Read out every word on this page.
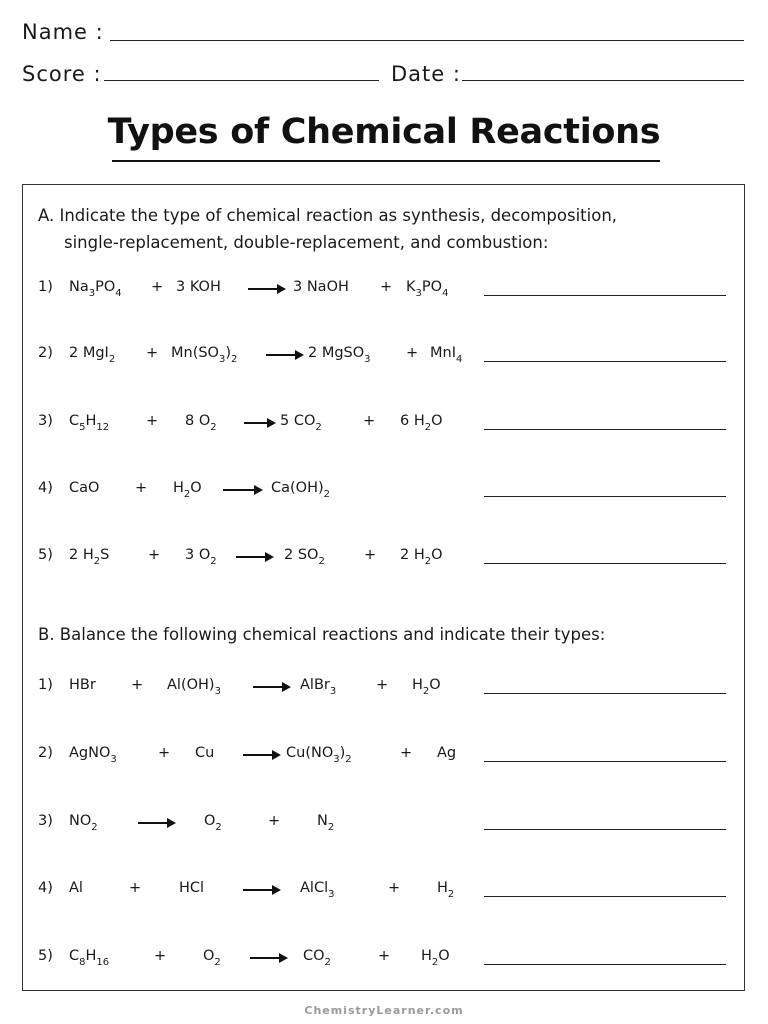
Name :
Score :	Date :
Types of Chemical Reactions
A. Indicate the type of chemical reaction as synthesis, decomposition,
single-replacement, double-replacement, and combustion:
1) $Na_3PO_4 + 3$ KOH → 3 NaOH + $K_3PO_4$
2) 2 $MgI_2 + Mn(SO_3)_2 \to 2$ MgSO$_3$ + MnI$_4$
3) $C_5H_{12}$	+ 8 $O_2 \to 5$ $CO_2$	+ 6 $H_2O$
4) CaO + $H_2O \to Ca(OH)_2$
5) 2 $H_2S$	+ 3 $O_2 \to 2$ $SO_2$	+ 2 $H_2O$
B. Balance the following chemical reactions and indicate their types:
1) HBr + $Al(OH)_3$ → AlBr$_3$	+ $H_2O$
2) AgNO$_3$	+ $Cu \to Cu(NO_3)_2$	+ Ag
3) $NO_2$	$O_2$	+	$N_2$
4) Al	+	HCl	→ AlCl$_3$	+	$H_2$
5) $C_8H_{16}$	+	$O_2 \to CO_2$	+ $H_2O$
ChemistryLearner.com
